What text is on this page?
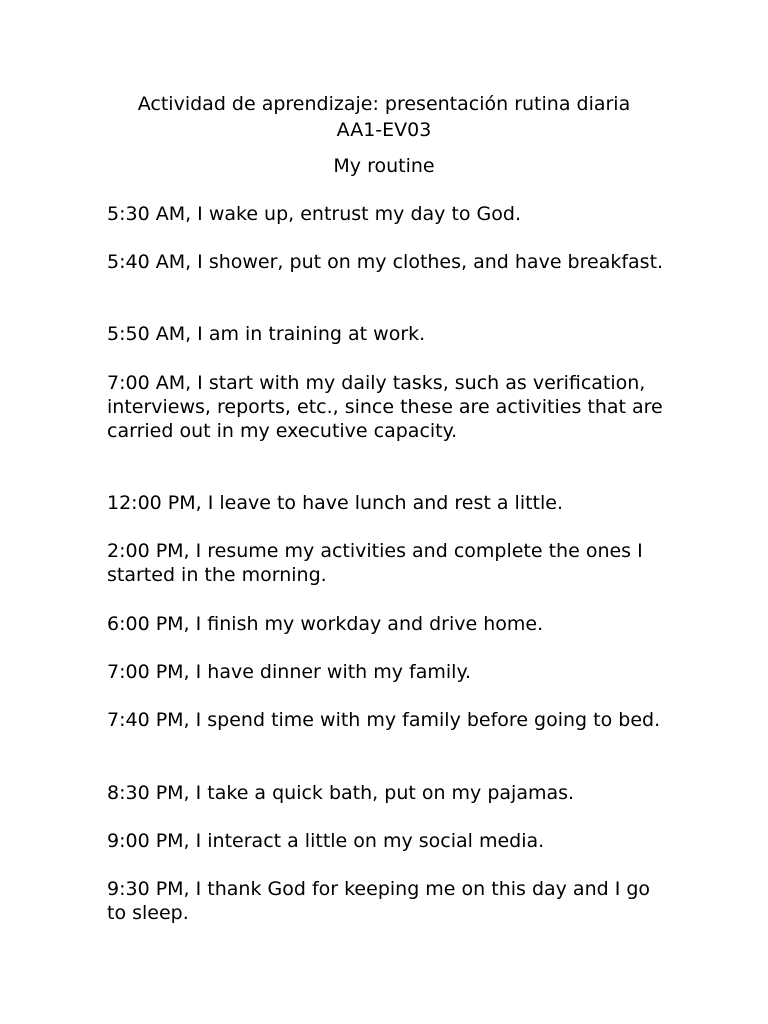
Actividad de aprendizaje: presentación rutina diaria
AA1-EV03
My routine
5:30 AM, I wake up, entrust my day to God.
5:40 AM, I shower, put on my clothes, and have breakfast.
5:50 AM, I am in training at work.
7:00 AM, I start with my daily tasks, such as verification, interviews, reports, etc., since these are activities that are carried out in my executive capacity.
12:00 PM, I leave to have lunch and rest a little.
2:00 PM, I resume my activities and complete the ones I started in the morning.
6:00 PM, I finish my workday and drive home.
7:00 PM, I have dinner with my family.
7:40 PM, I spend time with my family before going to bed.
8:30 PM, I take a quick bath, put on my pajamas.
9:00 PM, I interact a little on my social media.
9:30 PM, I thank God for keeping me on this day and I go to sleep.
